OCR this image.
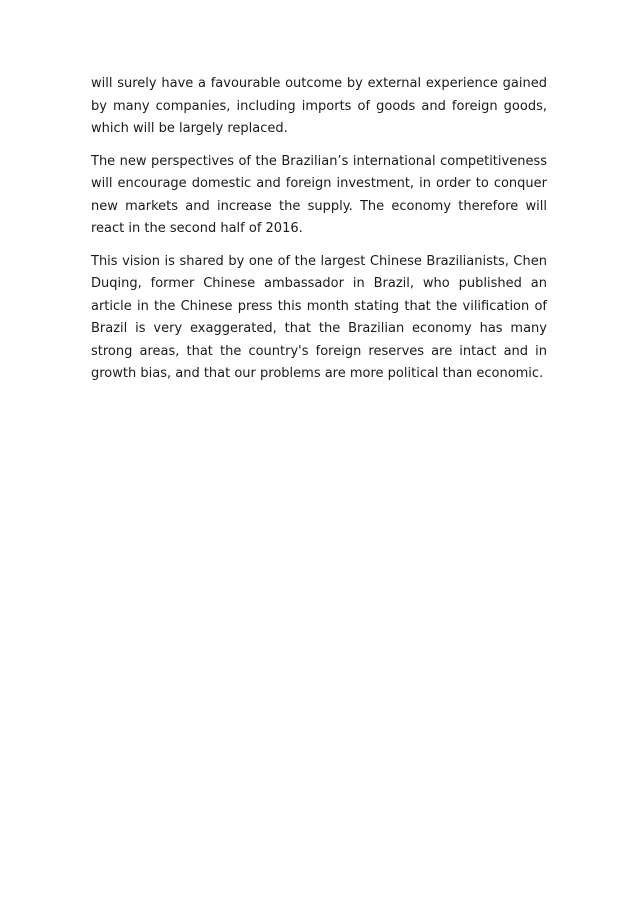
will surely have a favourable outcome by external experience gained by many companies, including imports of goods and foreign goods, which will be largely replaced.

The new perspectives of the Brazilian’s international competitiveness will encourage domestic and foreign investment, in order to conquer new markets and increase the supply. The economy therefore will react in the second half of 2016.

This vision is shared by one of the largest Chinese Brazilianists, Chen Duqing, former Chinese ambassador in Brazil, who published an article in the Chinese press this month stating that the vilification of Brazil is very exaggerated, that the Brazilian economy has many strong areas, that the country's foreign reserves are intact and in growth bias, and that our problems are more political than economic.
